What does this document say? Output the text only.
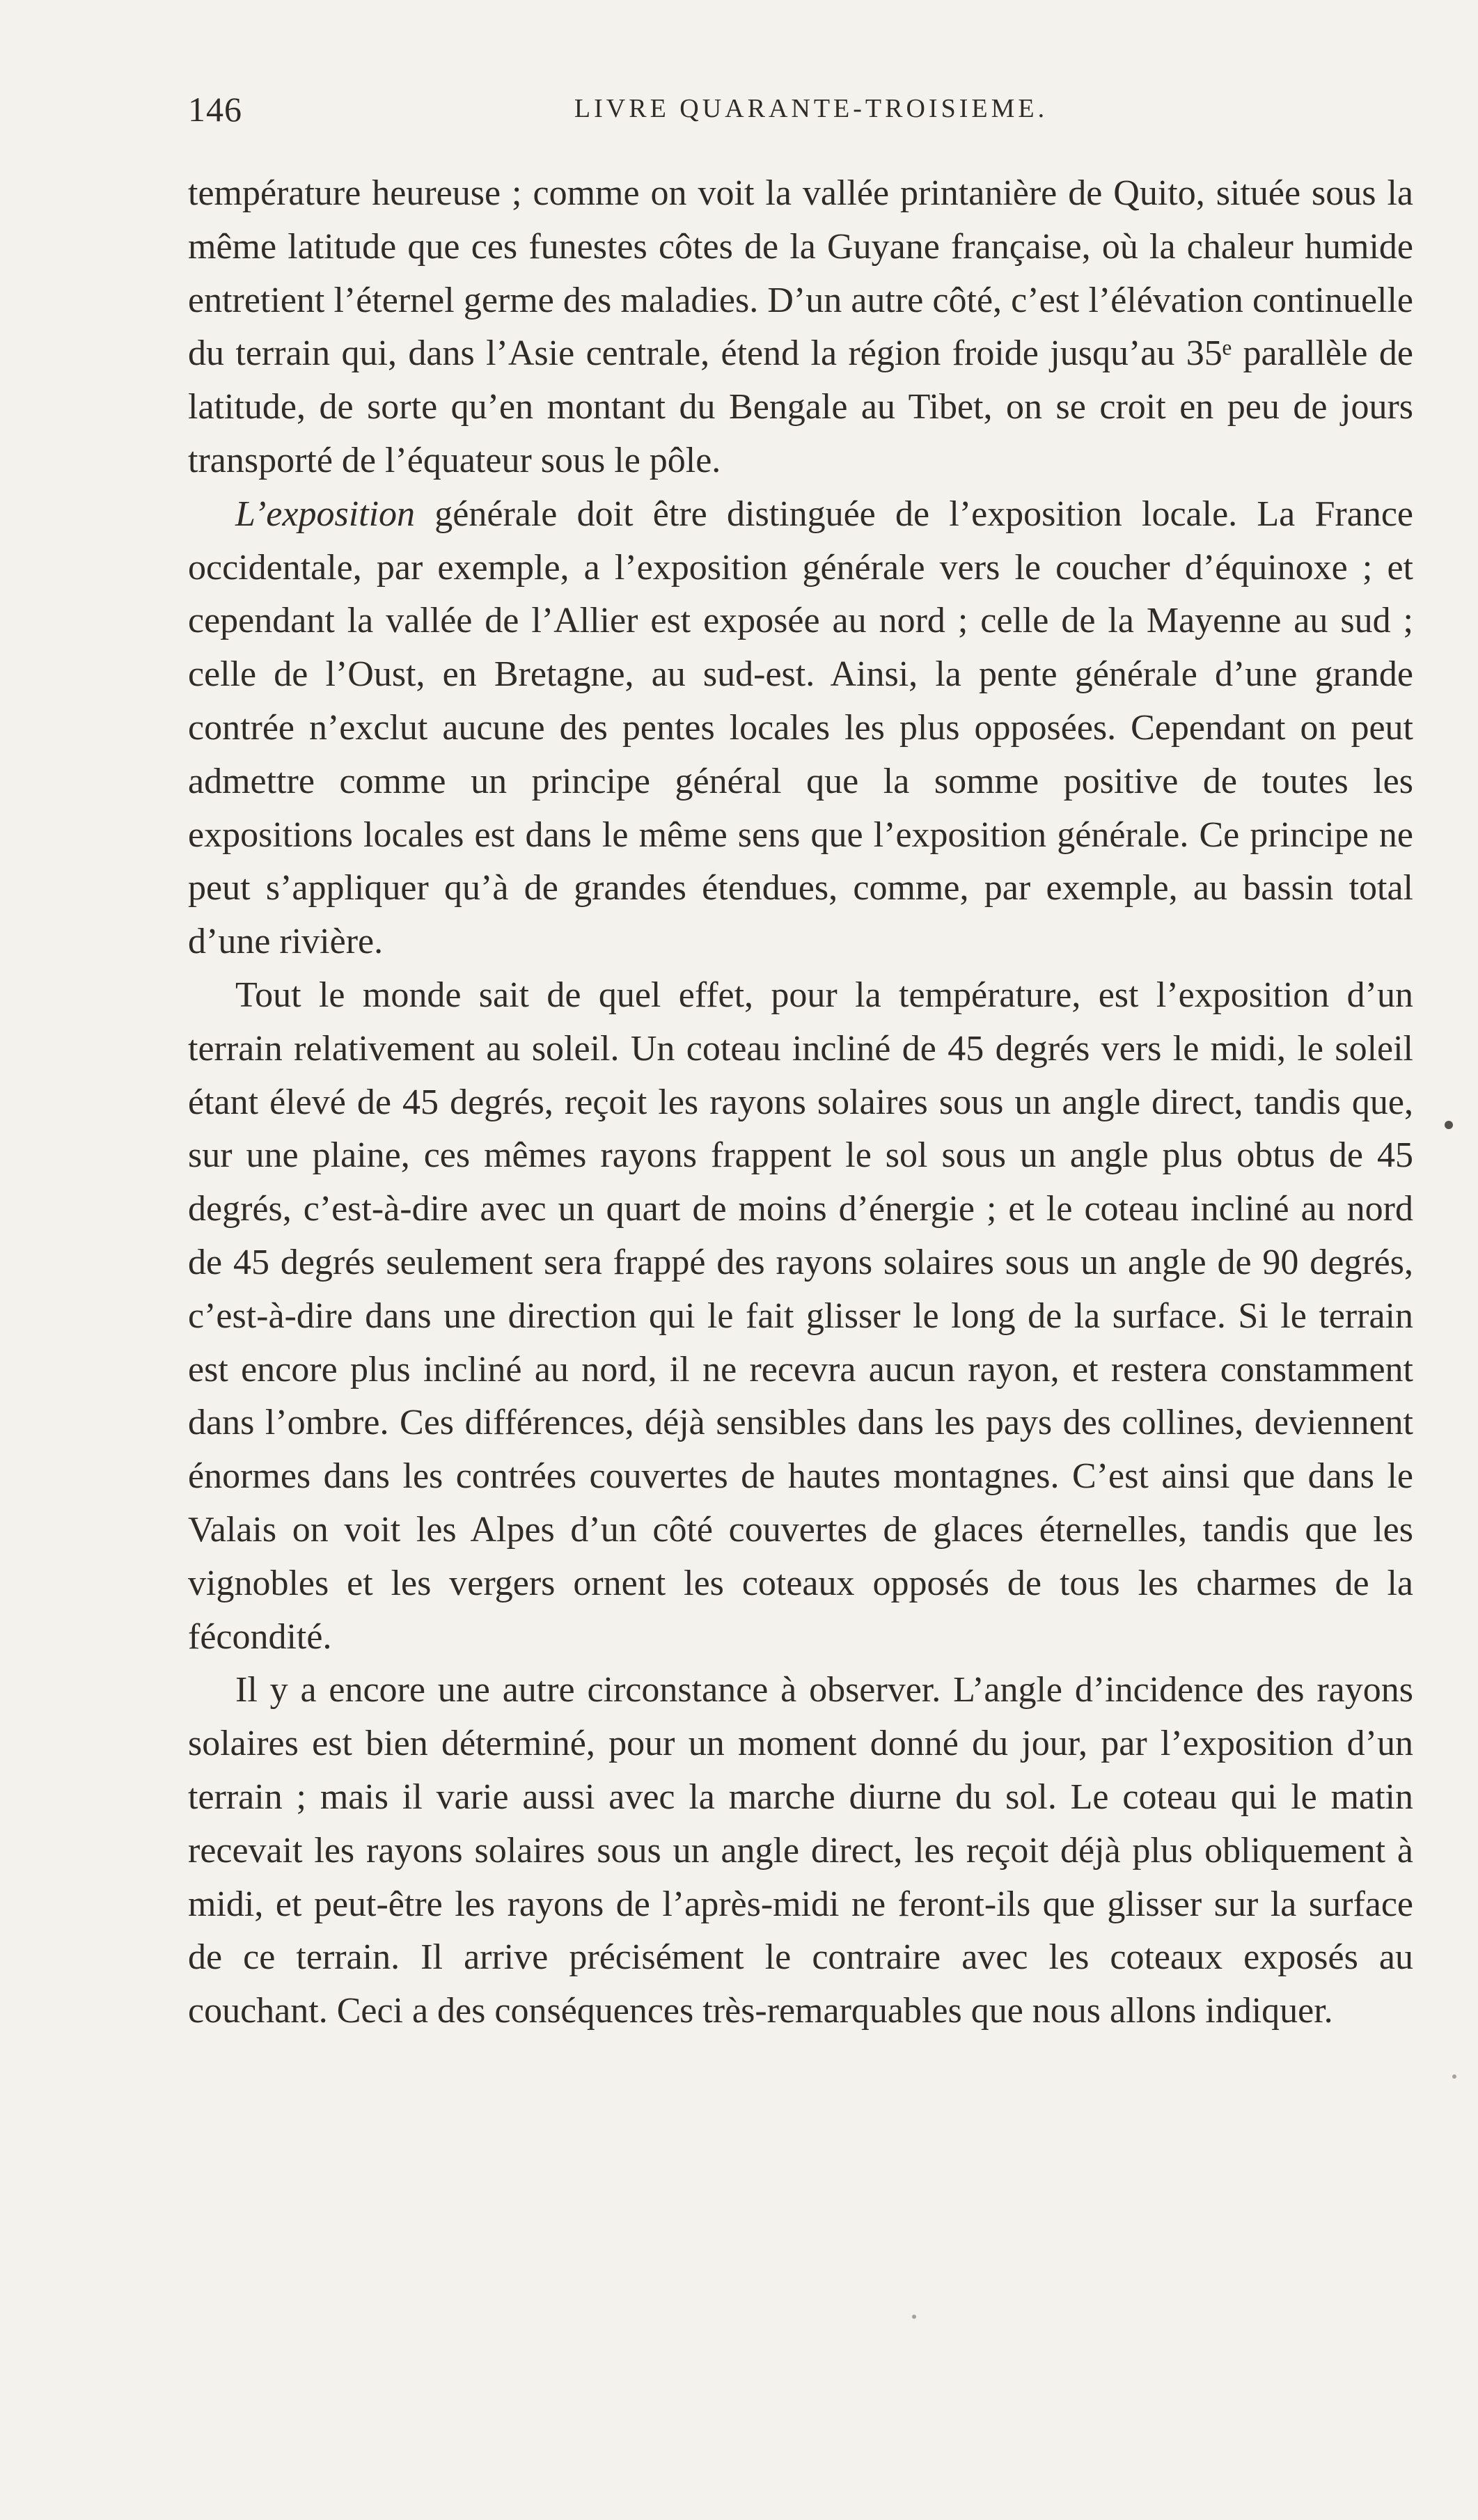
146	LIVRE QUARANTE-TROISIEME.

température heureuse ; comme on voit la vallée printanière de Quito, située sous la même latitude que ces funestes côtes de la Guyane française, où la chaleur humide entretient l’éternel germe des maladies. D’un autre côté, c’est l’élévation continuelle du terrain qui, dans l’Asie centrale, étend la région froide jusqu’au 35ᵉ parallèle de latitude, de sorte qu’en montant du Bengale au Tibet, on se croit en peu de jours transporté de l’équateur sous le pôle.

L’exposition générale doit être distinguée de l’exposition locale. La France occidentale, par exemple, a l’exposition générale vers le coucher d’équinoxe ; et cependant la vallée de l’Allier est exposée au nord ; celle de la Mayenne au sud ; celle de l’Oust, en Bretagne, au sud-est. Ainsi, la pente générale d’une grande contrée n’exclut aucune des pentes locales les plus opposées. Cependant on peut admettre comme un principe général que la somme positive de toutes les expositions locales est dans le même sens que l’exposition générale. Ce principe ne peut s’appliquer qu’à de grandes étendues, comme, par exemple, au bassin total d’une rivière.

Tout le monde sait de quel effet, pour la température, est l’exposition d’un terrain relativement au soleil. Un coteau incliné de 45 degrés vers le midi, le soleil étant élevé de 45 degrés, reçoit les rayons solaires sous un angle direct, tandis que, sur une plaine, ces mêmes rayons frappent le sol sous un angle plus obtus de 45 degrés, c’est-à-dire avec un quart de moins d’énergie ; et le coteau incliné au nord de 45 degrés seulement sera frappé des rayons solaires sous un angle de 90 degrés, c’est-à-dire dans une direction qui le fait glisser le long de la surface. Si le terrain est encore plus incliné au nord, il ne recevra aucun rayon, et restera constamment dans l’ombre. Ces différences, déjà sensibles dans les pays des collines, deviennent énormes dans les contrées couvertes de hautes montagnes. C’est ainsi que dans le Valais on voit les Alpes d’un côté couvertes de glaces éternelles, tandis que les vignobles et les vergers ornent les coteaux opposés de tous les charmes de la fécondité.

Il y a encore une autre circonstance à observer. L’angle d’incidence des rayons solaires est bien déterminé, pour un moment donné du jour, par l’exposition d’un terrain ; mais il varie aussi avec la marche diurne du sol. Le coteau qui le matin recevait les rayons solaires sous un angle direct, les reçoit déjà plus obliquement à midi, et peut-être les rayons de l’après-midi ne feront-ils que glisser sur la surface de ce terrain. Il arrive précisément le contraire avec les coteaux exposés au couchant. Ceci a des conséquences très-remarquables que nous allons indiquer.
